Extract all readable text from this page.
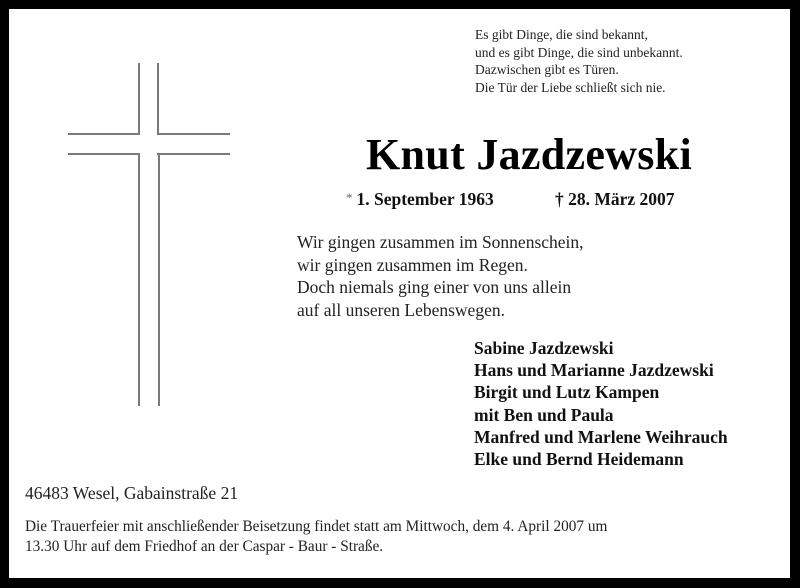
Es gibt Dinge, die sind bekannt,
und es gibt Dinge, die sind unbekannt.
Dazwischen gibt es Türen.
Die Tür der Liebe schließt sich nie.
Knut Jazdzewski
* 1. September 1963	† 28. März 2007
Wir gingen zusammen im Sonnenschein,
wir gingen zusammen im Regen.
Doch niemals ging einer von uns allein
auf all unseren Lebenswegen.
Sabine Jazdzewski
Hans und Marianne Jazdzewski
Birgit und Lutz Kampen
mit Ben und Paula
Manfred und Marlene Weihrauch
Elke und Bernd Heidemann
46483 Wesel, Gabainstraße 21
Die Trauerfeier mit anschließender Beisetzung findet statt am Mittwoch, dem 4. April 2007 um
13.30 Uhr auf dem Friedhof an der Caspar - Baur - Straße.
